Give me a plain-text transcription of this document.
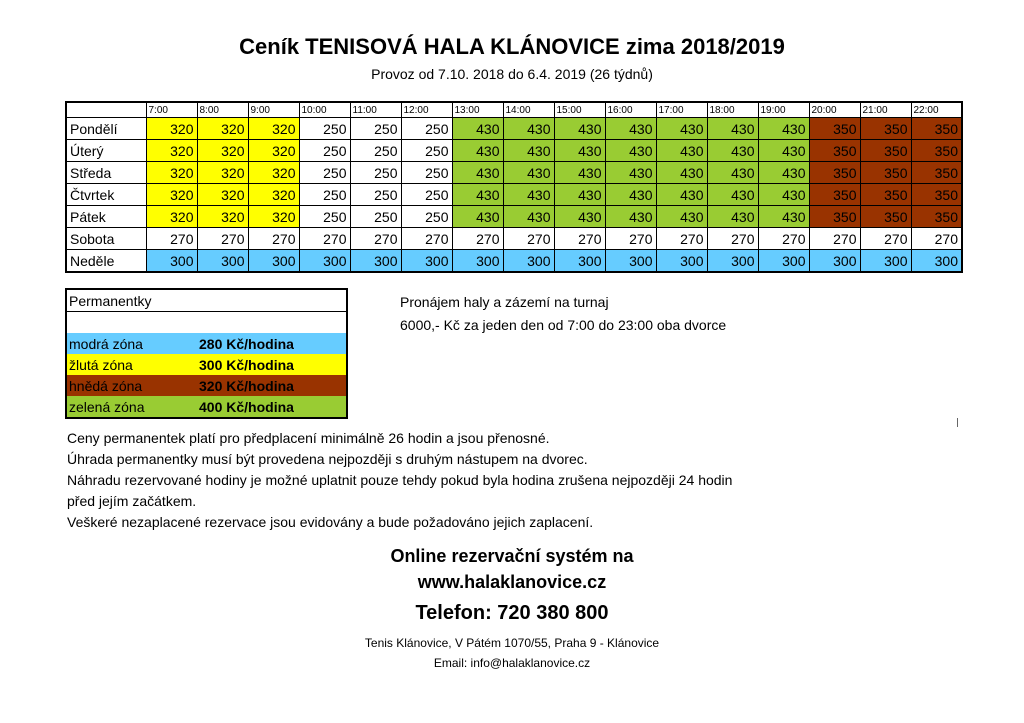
Ceník TENISOVÁ HALA KLÁNOVICE zima 2018/2019
Provoz od 7.10. 2018 do 6.4. 2019 (26 týdnů)
	7:00	8:00	9:00	10:00	11:00	12:00	13:00	14:00	15:00	16:00	17:00	18:00	19:00	20:00	21:00	22:00
Pondělí	320	320	320	250	250	250	430	430	430	430	430	430	430	350	350	350
Úterý	320	320	320	250	250	250	430	430	430	430	430	430	430	350	350	350
Středa	320	320	320	250	250	250	430	430	430	430	430	430	430	350	350	350
Čtvrtek	320	320	320	250	250	250	430	430	430	430	430	430	430	350	350	350
Pátek	320	320	320	250	250	250	430	430	430	430	430	430	430	350	350	350
Sobota	270	270	270	270	270	270	270	270	270	270	270	270	270	270	270	270
Neděle	300	300	300	300	300	300	300	300	300	300	300	300	300	300	300	300
Permanentky	

modrá zóna	280 Kč/hodina
žlutá zóna	300 Kč/hodina
hnědá zóna	320 Kč/hodina
zelená zóna	400 Kč/hodina
Pronájem haly a zázemí na turnaj
6000,- Kč za jeden den od 7:00 do 23:00 oba dvorce
Ceny permanentek platí pro předplacení minimálně 26 hodin a jsou přenosné.
Úhrada permanentky musí být provedena nejpozději s druhým nástupem na dvorec.
Náhradu rezervované hodiny je možné uplatnit pouze tehdy pokud byla hodina zrušena nejpozději 24 hodin
před jejím začátkem.
Veškeré nezaplacené rezervace jsou evidovány a bude požadováno jejich zaplacení.
Online rezervační systém na
www.halaklanovice.cz
Telefon: 720 380 800
Tenis Klánovice, V Pátém 1070/55, Praha 9 - Klánovice
Email: info@halaklanovice.cz
